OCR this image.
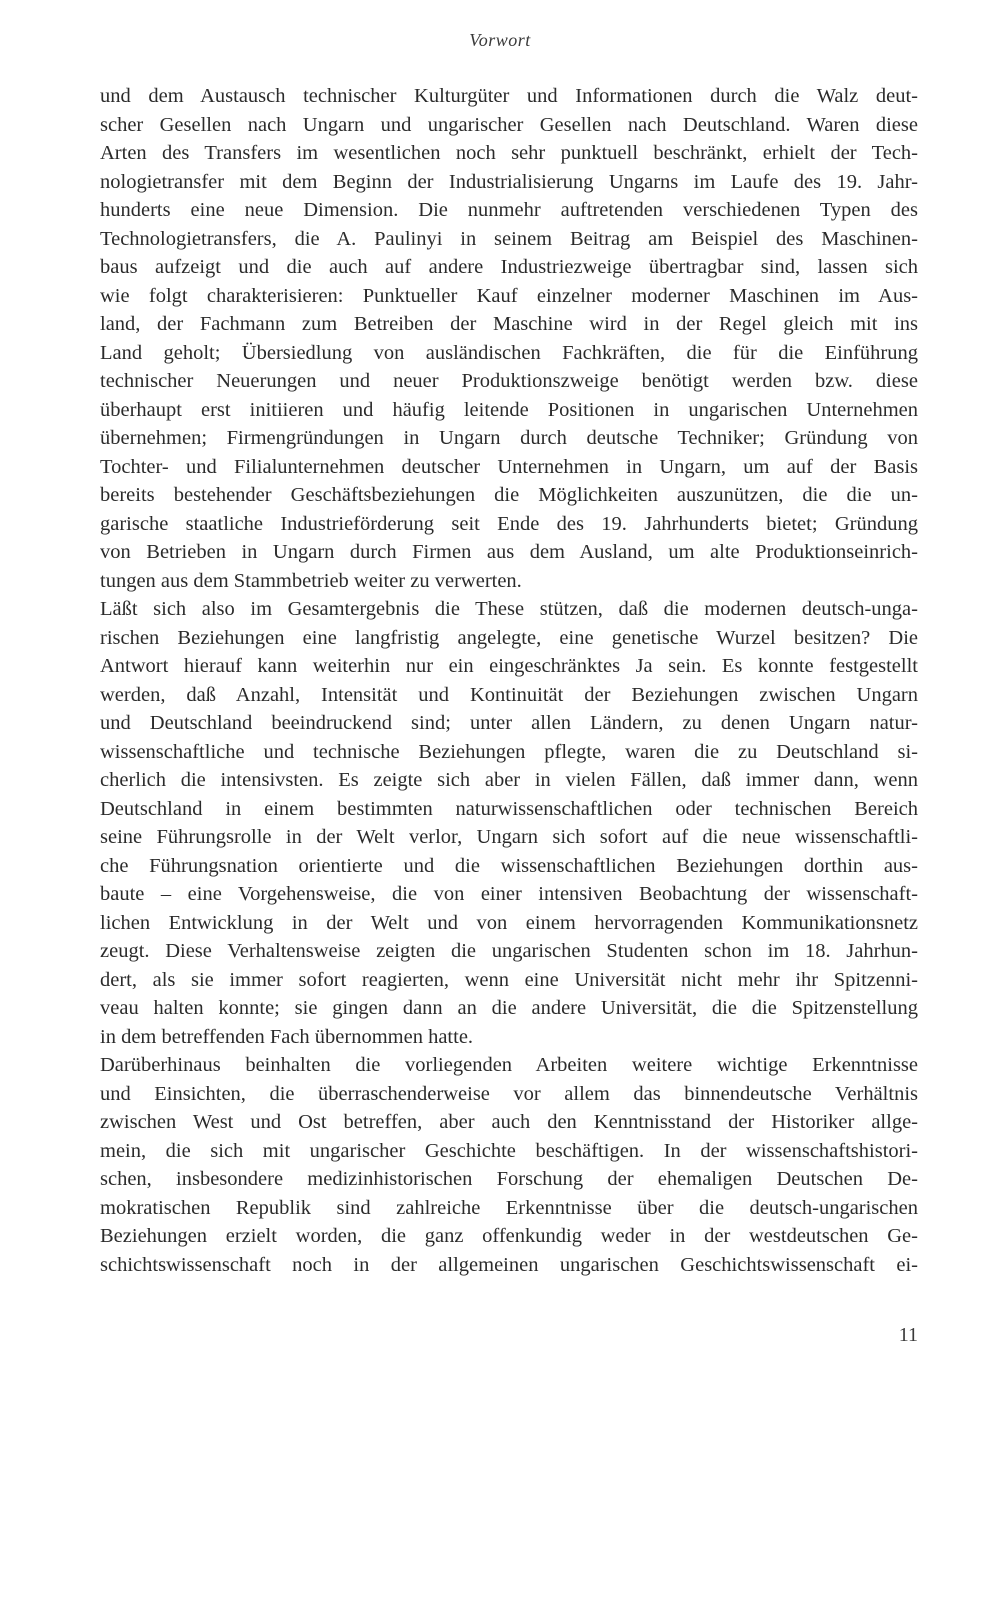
Vorwort
und dem Austausch technischer Kulturgüter und Informationen durch die Walz deut-
scher Gesellen nach Ungarn und ungarischer Gesellen nach Deutschland. Waren diese
Arten des Transfers im wesentlichen noch sehr punktuell beschränkt, erhielt der Tech-
nologietransfer mit dem Beginn der Industrialisierung Ungarns im Laufe des 19. Jahr-
hunderts eine neue Dimension. Die nunmehr auftretenden verschiedenen Typen des
Technologietransfers, die A. Paulinyi in seinem Beitrag am Beispiel des Maschinen-
baus aufzeigt und die auch auf andere Industriezweige übertragbar sind, lassen sich
wie folgt charakterisieren: Punktueller Kauf einzelner moderner Maschinen im Aus-
land, der Fachmann zum Betreiben der Maschine wird in der Regel gleich mit ins
Land geholt; Übersiedlung von ausländischen Fachkräften, die für die Einführung
technischer Neuerungen und neuer Produktionszweige benötigt werden bzw. diese
überhaupt erst initiieren und häufig leitende Positionen in ungarischen Unternehmen
übernehmen; Firmengründungen in Ungarn durch deutsche Techniker; Gründung von
Tochter- und Filialunternehmen deutscher Unternehmen in Ungarn, um auf der Basis
bereits bestehender Geschäftsbeziehungen die Möglichkeiten auszunützen, die die un-
garische staatliche Industrieförderung seit Ende des 19. Jahrhunderts bietet; Gründung
von Betrieben in Ungarn durch Firmen aus dem Ausland, um alte Produktionseinrich-
tungen aus dem Stammbetrieb weiter zu verwerten.
Läßt sich also im Gesamtergebnis die These stützen, daß die modernen deutsch-unga-
rischen Beziehungen eine langfristig angelegte, eine genetische Wurzel besitzen? Die
Antwort hierauf kann weiterhin nur ein eingeschränktes Ja sein. Es konnte festgestellt
werden, daß Anzahl, Intensität und Kontinuität der Beziehungen zwischen Ungarn
und Deutschland beeindruckend sind; unter allen Ländern, zu denen Ungarn natur-
wissenschaftliche und technische Beziehungen pflegte, waren die zu Deutschland si-
cherlich die intensivsten. Es zeigte sich aber in vielen Fällen, daß immer dann, wenn
Deutschland in einem bestimmten naturwissenschaftlichen oder technischen Bereich
seine Führungsrolle in der Welt verlor, Ungarn sich sofort auf die neue wissenschaftli-
che Führungsnation orientierte und die wissenschaftlichen Beziehungen dorthin aus-
baute – eine Vorgehensweise, die von einer intensiven Beobachtung der wissenschaft-
lichen Entwicklung in der Welt und von einem hervorragenden Kommunikationsnetz
zeugt. Diese Verhaltensweise zeigten die ungarischen Studenten schon im 18. Jahrhun-
dert, als sie immer sofort reagierten, wenn eine Universität nicht mehr ihr Spitzenni-
veau halten konnte; sie gingen dann an die andere Universität, die die Spitzenstellung
in dem betreffenden Fach übernommen hatte.
Darüberhinaus beinhalten die vorliegenden Arbeiten weitere wichtige Erkenntnisse
und Einsichten, die überraschenderweise vor allem das binnendeutsche Verhältnis
zwischen West und Ost betreffen, aber auch den Kenntnisstand der Historiker allge-
mein, die sich mit ungarischer Geschichte beschäftigen. In der wissenschaftshistori-
schen, insbesondere medizinhistorischen Forschung der ehemaligen Deutschen De-
mokratischen Republik sind zahlreiche Erkenntnisse über die deutsch-ungarischen
Beziehungen erzielt worden, die ganz offenkundig weder in der westdeutschen Ge-
schichtswissenschaft noch in der allgemeinen ungarischen Geschichtswissenschaft ei-
11
